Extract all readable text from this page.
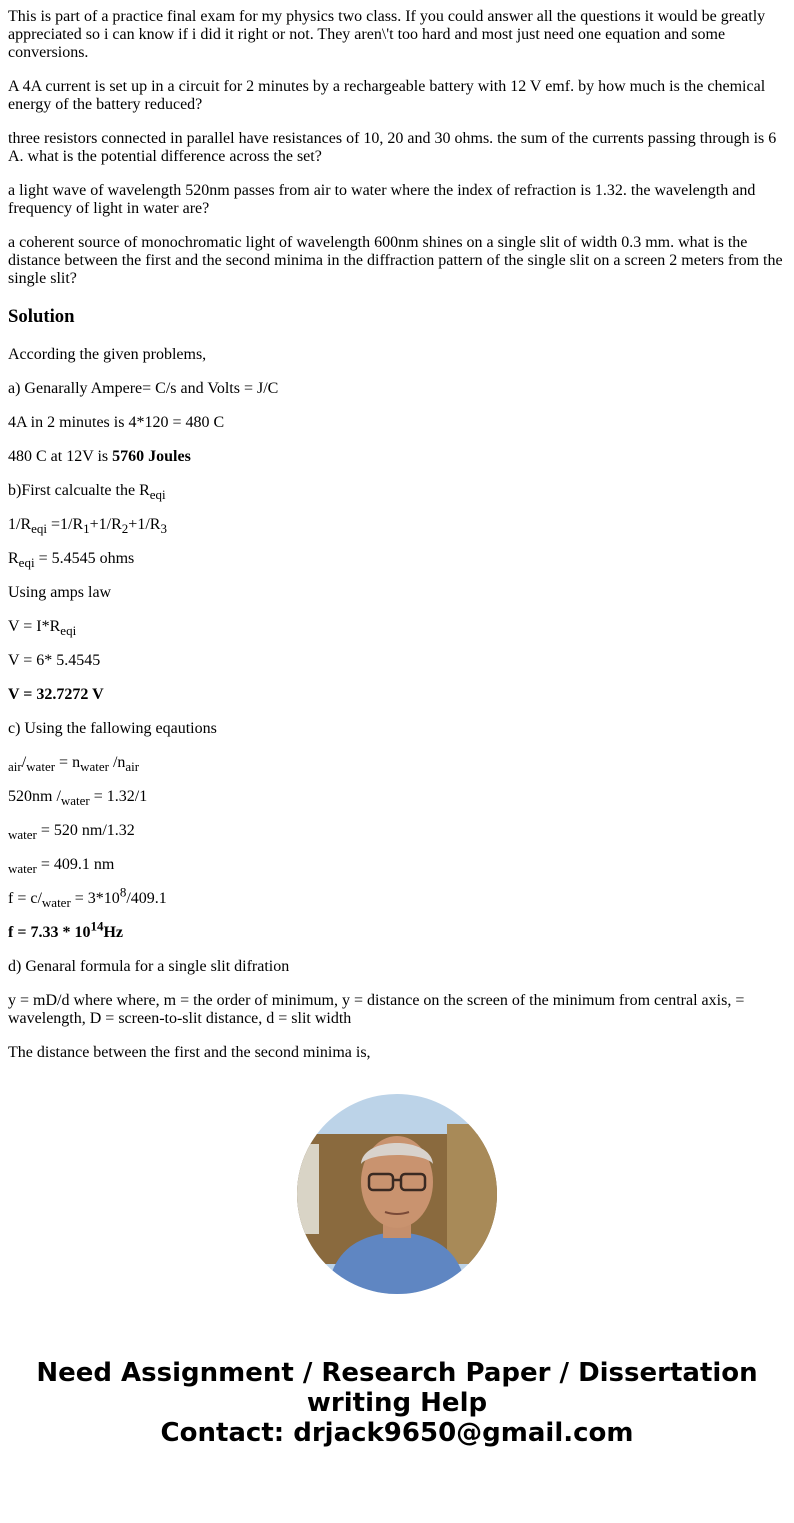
This is part of a practice final exam for my physics two class. If you could answer all the questions it would be greatly appreciated so i can know if i did it right or not. They aren\'t too hard and most just need one equation and some conversions.

A 4A current is set up in a circuit for 2 minutes by a rechargeable battery with 12 V emf. by how much is the chemical energy of the battery reduced?

three resistors connected in parallel have resistances of 10, 20 and 30 ohms. the sum of the currents passing through is 6 A. what is the potential difference across the set?

a light wave of wavelength 520nm passes from air to water where the index of refraction is 1.32. the wavelength and frequency of light in water are?

a coherent source of monochromatic light of wavelength 600nm shines on a single slit of width 0.3 mm. what is the distance between the first and the second minima in the diffraction pattern of the single slit on a screen 2 meters from the single slit?

Solution

According the given problems,

a) Genarally Ampere= C/s and Volts = J/C

4A in 2 minutes is 4*120 = 480 C

480 C at 12V is 5760 Joules

b)First calcualte the $R_{eqi}$

$1/R_{eqi} =1/R_1+1/R_2+1/R_3$

$R_{eqi} = 5.4545$ ohms

Using amps law

$V = I*R_{eqi}$

V = 6* 5.4545

V = 32.7272 V

c) Using the fallowing eqautions

$_{air}/_{water} = n_{water}$ $/n_{air}$

520nm $/_{water} = 1.32/1$

$_{water}$ = 520 nm/1.32

$_{water}$ = 409.1 nm

$f = c/_{water} = 3*10^8/409.1$

$f = 7.33 * 10^{14}Hz$

d) Genaral formula for a single slit difration

y = mD/d where where, m = the order of minimum, y = distance on the screen of the minimum from central axis, = wavelength, D = screen-to-slit distance, d = slit width

The distance between the first and the second minima is,

Need Assignment / Research Paper / Dissertation
writing Help
Contact: drjack9650@gmail.com
